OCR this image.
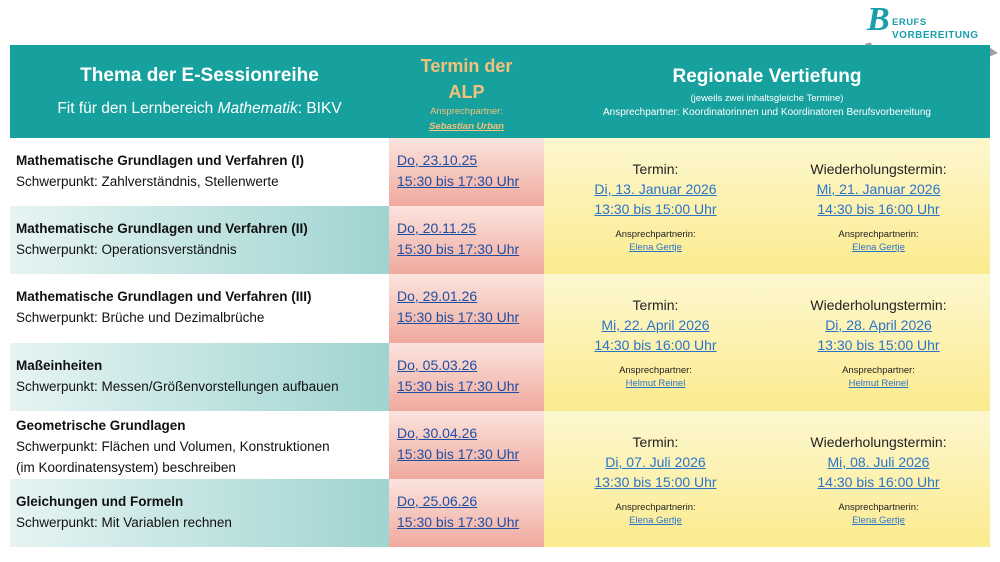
B ERUFS
VORBEREITUNG
Thema der E-Sessionreihe
Fit für den Lernbereich Mathematik: BIKV
Termin der
ALP
Ansprechpartner:
Sebastian Urban
Regionale Vertiefung
(jeweils zwei inhaltsgleiche Termine)
Ansprechpartner: Koordinatorinnen und Koordinatoren Berufsvorbereitung
Mathematische Grundlagen und Verfahren (I)
Schwerpunkt: Zahlverständnis, Stellenwerte
Mathematische Grundlagen und Verfahren (II)
Schwerpunkt: Operationsverständnis
Mathematische Grundlagen und Verfahren (III)
Schwerpunkt: Brüche und Dezimalbrüche
Maßeinheiten
Schwerpunkt: Messen/Größenvorstellungen aufbauen
Geometrische Grundlagen
Schwerpunkt: Flächen und Volumen, Konstruktionen
(im Koordinatensystem) beschreiben
Gleichungen und Formeln
Schwerpunkt: Mit Variablen rechnen
Do, 23.10.25
15:30 bis 17:30 Uhr
Do, 20.11.25
15:30 bis 17:30 Uhr
Do, 29.01.26
15:30 bis 17:30 Uhr
Do, 05.03.26
15:30 bis 17:30 Uhr
Do, 30.04.26
15:30 bis 17:30 Uhr
Do, 25.06.26
15:30 bis 17:30 Uhr
Termin:
Di, 13. Januar 2026
13:30 bis 15:00 Uhr
Ansprechpartnerin:
Elena Gertje
Wiederholungstermin:
Mi, 21. Januar 2026
14:30 bis 16:00 Uhr
Ansprechpartnerin:
Elena Gertje
Termin:
Mi, 22. April 2026
14:30 bis 16:00 Uhr
Ansprechpartner:
Helmut Reinel
Wiederholungstermin:
Di, 28. April 2026
13:30 bis 15:00 Uhr
Ansprechpartner:
Helmut Reinel
Termin:
Di, 07. Juli 2026
13:30 bis 15:00 Uhr
Ansprechpartnerin:
Elena Gertje
Wiederholungstermin:
Mi, 08. Juli 2026
14:30 bis 16:00 Uhr
Ansprechpartnerin:
Elena Gertje
